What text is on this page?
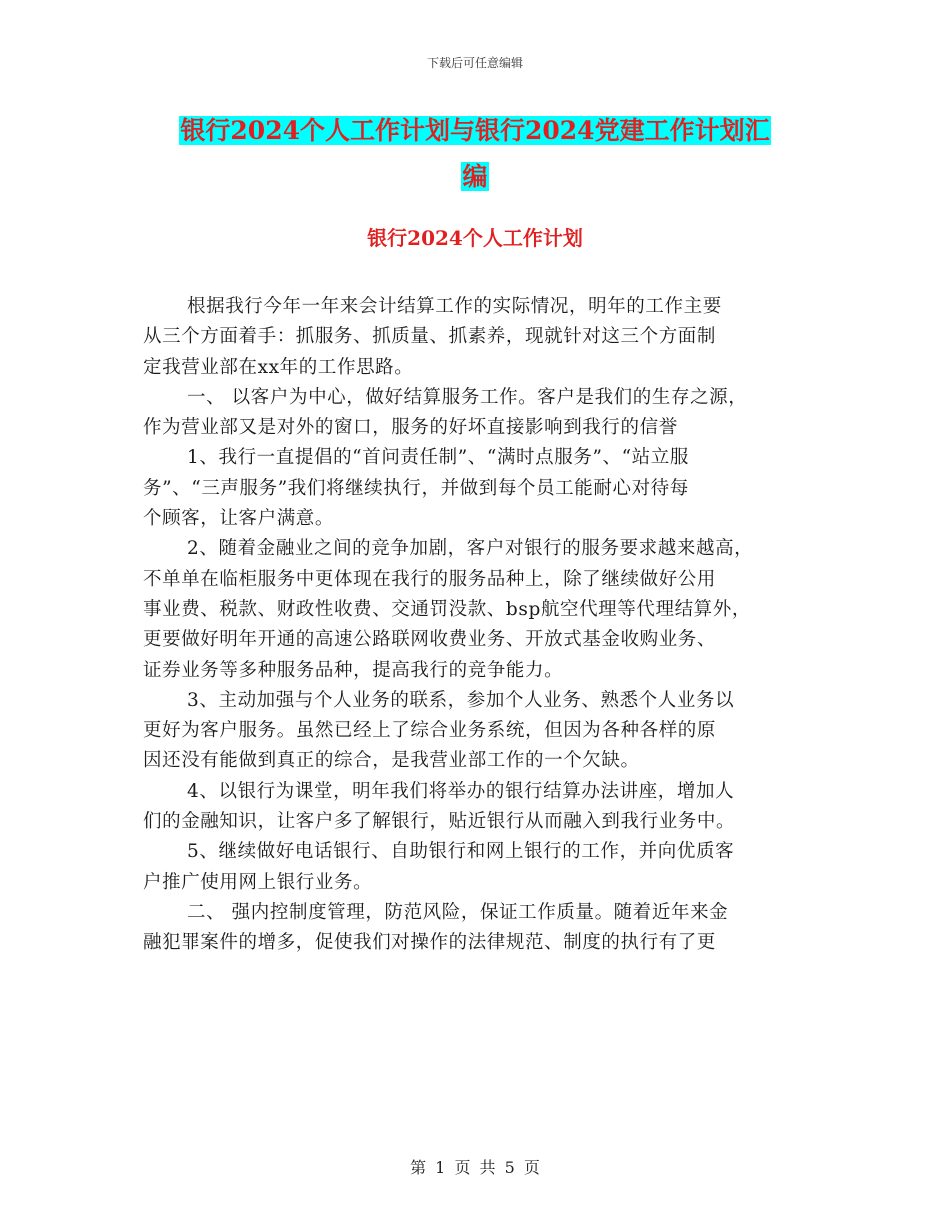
下载后可任意编辑
银行2024个人工作计划与银行2024党建工作计划汇
编
银行2024个人工作计划
根据我行今年一年来会计结算工作的实际情况，明年的工作主要
从三个方面着手：抓服务、抓质量、抓素养，现就针对这三个方面制
定我营业部在xx年的工作思路。
一、 以客户为中心，做好结算服务工作。客户是我们的生存之源，
作为营业部又是对外的窗口，服务的好坏直接影响到我行的信誉
1、我行一直提倡的“首问责任制”、“满时点服务”、“站立服
务”、“三声服务”我们将继续执行，并做到每个员工能耐心对待每
个顾客，让客户满意。
2、随着金融业之间的竞争加剧，客户对银行的服务要求越来越高，
不单单在临柜服务中更体现在我行的服务品种上，除了继续做好公用
事业费、税款、财政性收费、交通罚没款、bsp航空代理等代理结算外，
更要做好明年开通的高速公路联网收费业务、开放式基金收购业务、
证券业务等多种服务品种，提高我行的竞争能力。
3、主动加强与个人业务的联系，参加个人业务、熟悉个人业务以
更好为客户服务。虽然已经上了综合业务系统，但因为各种各样的原
因还没有能做到真正的综合，是我营业部工作的一个欠缺。
4、以银行为课堂，明年我们将举办的银行结算办法讲座，增加人
们的金融知识，让客户多了解银行，贴近银行从而融入到我行业务中。
5、继续做好电话银行、自助银行和网上银行的工作，并向优质客
户推广使用网上银行业务。
二、 强内控制度管理，防范风险，保证工作质量。随着近年来金
融犯罪案件的增多，促使我们对操作的法律规范、制度的执行有了更
第 1 页 共 5 页
